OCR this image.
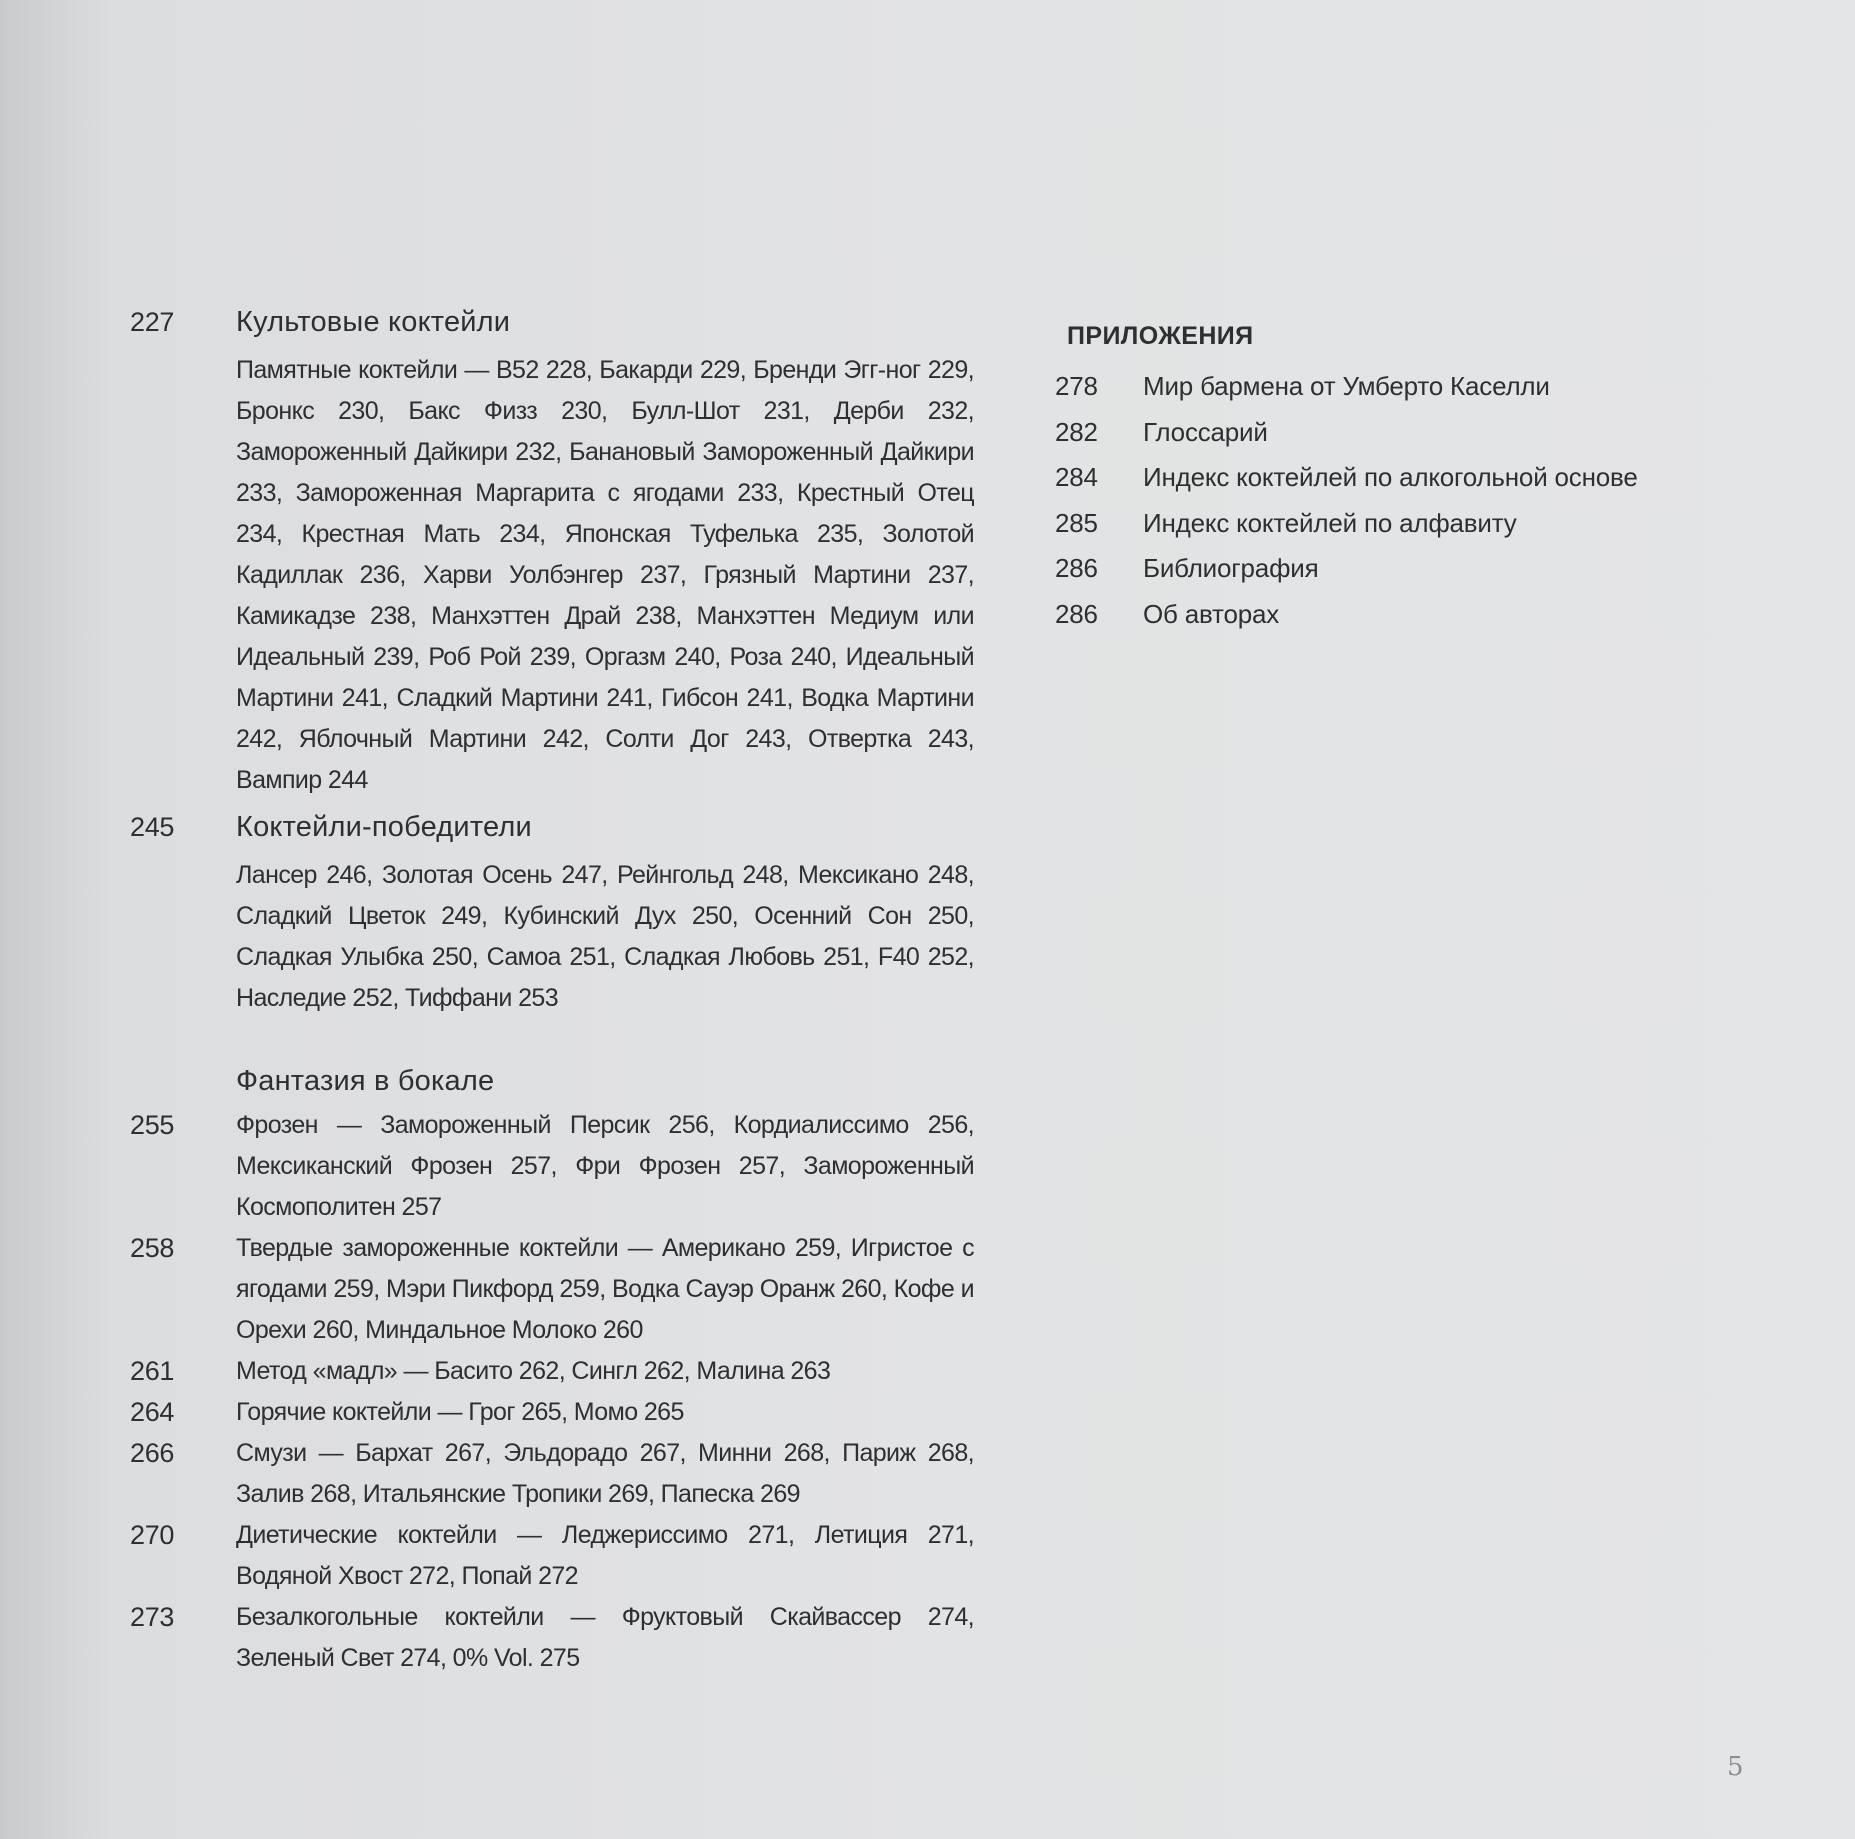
227	Культовые коктейли
Памятные коктейли — B52 228, Бакарди 229, Бренди Эгг-ног 229, Бронкс 230, Бакс Физз 230, Булл-Шот 231, Дерби 232, Замороженный Дайкири 232, Банановый Замороженный Дайкири 233, Замороженная Маргарита с ягодами 233, Крестный Отец 234, Крестная Мать 234, Японская Туфелька 235, Золотой Кадиллак 236, Харви Уолбэнгер 237, Грязный Мартини 237, Камикадзе 238, Манхэттен Драй 238, Манхэттен Медиум или Идеальный 239, Роб Рой 239, Оргазм 240, Роза 240, Идеальный Мартини 241, Сладкий Мартини 241, Гибсон 241, Водка Мартини 242, Яблочный Мартини 242, Солти Дог 243, Отвертка 243, Вампир 244
245	Коктейли-победители
Лансер 246, Золотая Осень 247, Рейнгольд 248, Мексикано 248, Сладкий Цветок 249, Кубинский Дух 250, Осенний Сон 250, Сладкая Улыбка 250, Самоа 251, Сладкая Любовь 251, F40 252, Наследие 252, Тиффани 253
Фантазия в бокале
255	Фрозен — Замороженный Персик 256, Кордиалиссимо 256, Мексиканский Фрозен 257, Фри Фрозен 257, Замороженный Космополитен 257
258	Твердые замороженные коктейли — Американо 259, Игристое с ягодами 259, Мэри Пикфорд 259, Водка Сауэр Оранж 260, Кофе и Орехи 260, Миндальное Молоко 260
261	Метод «мадл» — Басито 262, Сингл 262, Малина 263
264	Горячие коктейли — Грог 265, Момо 265
266	Смузи — Бархат 267, Эльдорадо 267, Минни 268, Париж 268, Залив 268, Итальянские Тропики 269, Папеска 269
270	Диетические коктейли — Леджериссимо 271, Летиция 271, Водяной Хвост 272, Попай 272
273	Безалкогольные коктейли — Фруктовый Скайвассер 274, Зеленый Свет 274, 0% Vol. 275
ПРИЛОЖЕНИЯ
278	Мир бармена от Умберто Каселли
282	Глоссарий
284	Индекс коктейлей по алкогольной основе
285	Индекс коктейлей по алфавиту
286	Библиография
286	Об авторах
5
